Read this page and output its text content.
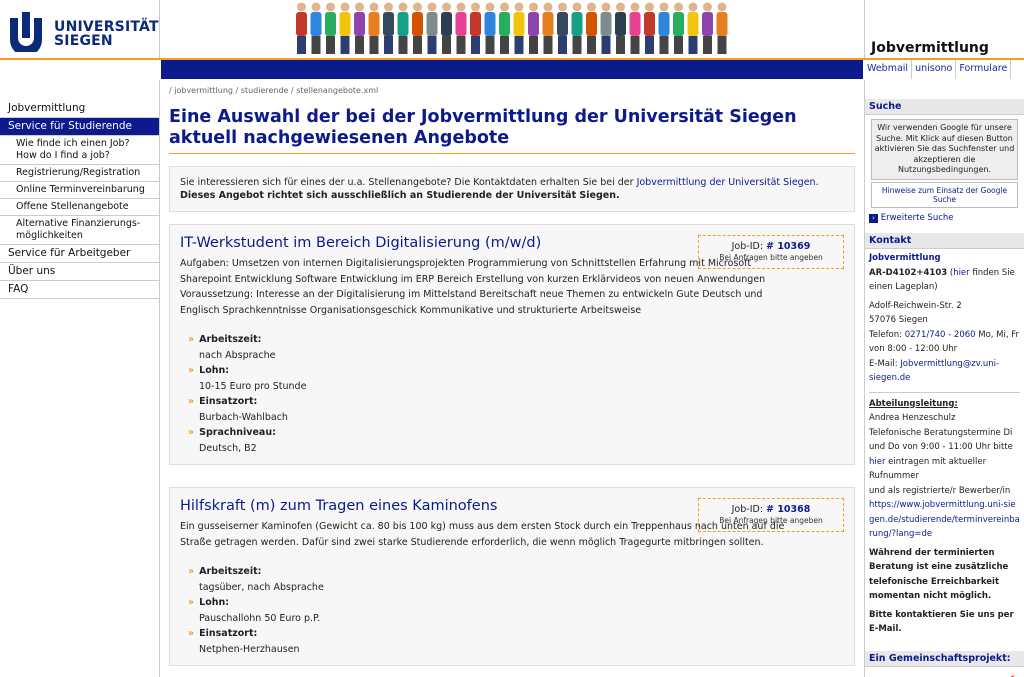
UNIVERSITÄT
SIEGEN	Jobvermittlung
Webmail unisono Formulare
Jobvermittlung
Service für Studierende
Wie finde ich einen Job? How do I find a job?
Registrierung/Registration
Online Terminvereinbarung
Offene Stellenangebote
Alternative Finanzierungs-möglichkeiten
Service für Arbeitgeber
Über uns
FAQ
/ jobvermittlung / studierende / stellenangebote.xml
Eine Auswahl der bei der Jobvermittlung der Universität Siegen aktuell nachgewiesenen Angebote
Sie interessieren sich für eines der u.a. Stellenangebote? Die Kontaktdaten erhalten Sie bei der Jobvermittlung der Universität Siegen.
Dieses Angebot richtet sich ausschließlich an Studierende der Universität Siegen.
IT-Werkstudent im Bereich Digitalisierung (m/w/d)	Job-ID: # 10369
Bei Anfragen bitte angeben
Aufgaben: Umsetzen von internen Digitalisierungsprojekten Programmierung von Schnittstellen Erfahrung mit Microsoft Sharepoint Entwicklung Software Entwicklung im ERP Bereich Erstellung von kurzen Erklärvideos von neuen Anwendungen Voraussetzung: Interesse an der Digitalisierung im Mittelstand Bereitschaft neue Themen zu entwickeln Gute Deutsch und Englisch Sprachkenntnisse Organisationsgeschick Kommunikative und strukturierte Arbeitsweise
» Arbeitszeit:
nach Absprache
» Lohn:
10-15 Euro pro Stunde
» Einsatzort:
Burbach-Wahlbach
» Sprachniveau:
Deutsch, B2
Hilfskraft (m) zum Tragen eines Kaminofens	Job-ID: # 10368
Bei Anfragen bitte angeben
Ein gusseiserner Kaminofen (Gewicht ca. 80 bis 100 kg) muss aus dem ersten Stock durch ein Treppenhaus nach unten auf die Straße getragen werden. Dafür sind zwei starke Studierende erforderlich, die wenn möglich Tragegurte mitbringen sollten.
» Arbeitszeit:
tagsüber, nach Absprache
» Lohn:
Pauschallohn 50 Euro p.P.
» Einsatzort:
Netphen-Herzhausen
Suche
Wir verwenden Google für unsere Suche. Mit Klick auf diesen Button aktivieren Sie das Suchfenster und akzeptieren die Nutzungsbedingungen.
Hinweise zum Einsatz der Google Suche
› Erweiterte Suche
Kontakt
Jobvermittlung
AR-D4102+4103 (hier finden Sie einen Lageplan)

Adolf-Reichwein-Str. 2
57076 Siegen
Telefon: 0271/740 - 2060 Mo, Mi, Fr von 8:00 - 12:00 Uhr
E-Mail: Jobvermittlung@zv.uni-siegen.de
Abteilungsleitung:
Andrea Henzeschulz
Telefonische Beratungstermine Di und Do von 9:00 - 11:00 Uhr bitte hier eintragen mit aktueller Rufnummer
und als registrierte/r Bewerber/in
https://www.jobvermittlung.uni-siegen.de/studierende/terminvereinbarung/?lang=de

Während der terminierten Beratung ist eine zusätzliche telefonische Erreichbarkeit momentan nicht möglich.

Bitte kontaktieren Sie uns per E-Mail.
Ein Gemeinschaftsprojekt:
